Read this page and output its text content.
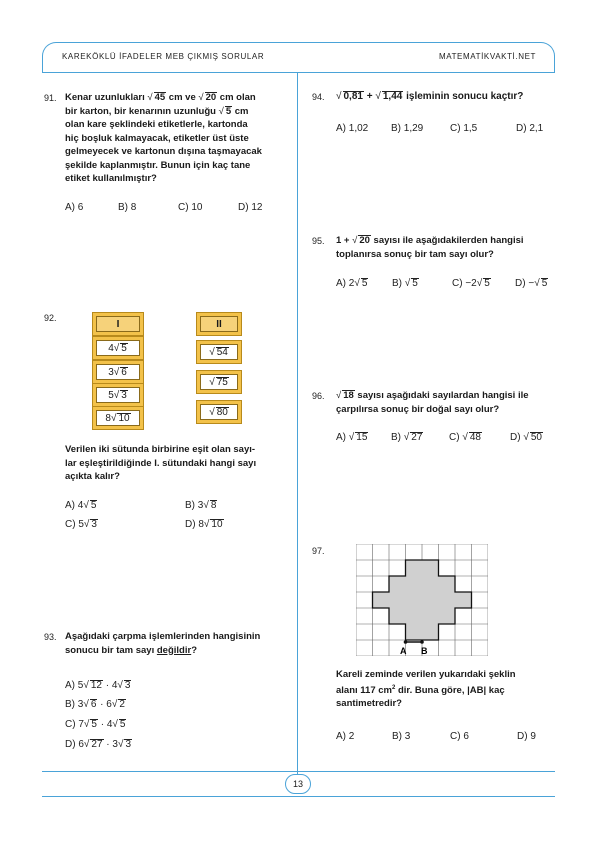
KAREKÖKLÜ İFADELER MEB ÇIKMIŞ SORULAR	MATEMATİKVAKTİ.NET
91. Kenar uzunlukları √ 45 cm ve √ 20 cm olan
bir karton, bir kenarının uzunluğu √ 5 cm
olan kare şeklindeki etiketlerle, kartonda
hiç boşluk kalmayacak, etiketler üst üste
gelmeyecek ve kartonun dışına taşmayacak
şekilde kaplanmıştır. Bunun için kaç tane
etiket kullanılmıştır?
A) 6	B) 8	C) 10	D) 12
92.
I
4 √ 5
3 √ 6
5 √ 3
8 √ 10
II
√ 54
√ 75
√ 80
Verilen iki sütunda birbirine eşit olan sayı-
lar eşleştirildiğinde I. sütundaki hangi sayı
açıkta kalır?
A) 4√ 5	B) 3√ 8
C) 5√ 3	D) 8√ 10
93. Aşağıdaki çarpma işlemlerinden hangisinin
sonucu bir tam sayı değildir?
A) 5√ 12 · 4√ 3
B) 3√ 6 · 6√ 2
C) 7√ 5 · 4√ 5
D) 6√ 27 · 3√ 3
94. √ 0,81 + √ 1,44 işleminin sonucu kaçtır?
A) 1,02 B) 1,29	C) 1,5	D) 2,1
95. 1 + √ 20 sayısı ile aşağıdakilerden hangisi
toplanırsa sonuç bir tam sayı olur?
A) 2√ 5 B) √ 5	C) −2√ 5	D) −√ 5
96. √ 18 sayısı aşağıdaki sayılardan hangisi ile
çarpılırsa sonuç bir doğal sayı olur?
A) √ 15 B) √ 27	C) √ 48	D) √ 50
97.
A B
Kareli zeminde verilen yukarıdaki şeklin
alanı 117 $cm^2$ dir. Buna göre, |AB| kaç
santimetredir?
A) 2	B) 3	C) 6	D) 9
13
